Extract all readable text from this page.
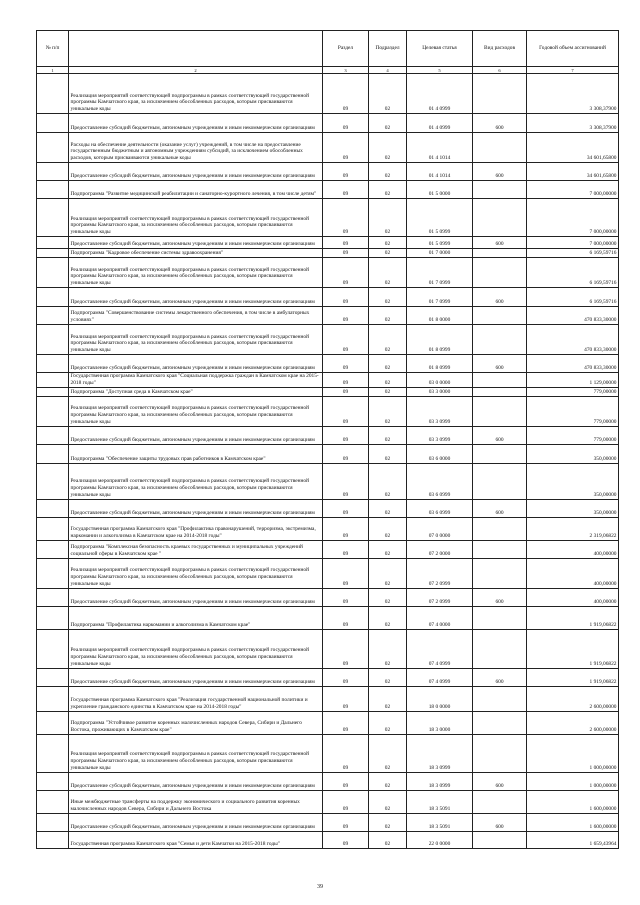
№ п/п		Раздел	Подраздел	Целевая статья	Вид расходов	Годовой объем ассигнований
1	2	3	4	5	6	7
	Реализация мероприятий соответствующей подпрограммы в рамках соответствующей государственной программы Камчатского края, за исключением обособленных расходов, которым присваиваются уникальные коды	09	02	01 4 0999		3 308,37900
	Предоставление субсидий бюджетным, автономным учреждениям и иным некоммерческим организациям	09	02	01 4 0999	600	3 308,37900
	Расходы на обеспечение деятельности (оказание услуг) учреждений, в том числе на предоставление государственным бюджетным и автономным учреждениям субсидий, за исключением обособленных расходов, которым присваиваются уникальные коды	09	02	01 4 1014		34 601,65800
	Предоставление субсидий бюджетным, автономным учреждениям и иным некоммерческим организациям	09	02	01 4 1014	600	34 601,65800
	Подпрограмма "Развитие медицинской реабилитации и санаторно-курортного лечения, в том числе детям"	09	02	01 5 0000		7 000,00000
	Реализация мероприятий соответствующей подпрограммы в рамках соответствующей государственной программы Камчатского края, за исключением обособленных расходов, которым присваиваются уникальные коды	09	02	01 5 0999		7 000,00000
	Предоставление субсидий бюджетным, автономным учреждениям и иным некоммерческим организациям	09	02	01 5 0999	600	7 000,00000
	Подпрограмма "Кадровое обеспечение системы здравоохранения"	09	02	01 7 0000		6 169,59716
	Реализация мероприятий соответствующей подпрограммы в рамках соответствующей государственной программы Камчатского края, за исключением обособленных расходов, которым присваиваются уникальные коды	09	02	01 7 0999		6 169,59716
	Предоставление субсидий бюджетным, автономным учреждениям и иным некоммерческим организациям	09	02	01 7 0999	600	6 169,59716
	Подпрограмма "Совершенствование системы лекарственного обеспечения, в том числе в амбулаторных условиях"	09	02	01 8 0000		470 833,30000
	Реализация мероприятий соответствующей подпрограммы в рамках соответствующей государственной программы Камчатского края, за исключением обособленных расходов, которым присваиваются уникальные коды	09	02	01 8 0999		470 833,30000
	Предоставление субсидий бюджетным, автономным учреждениям и иным некоммерческим организациям	09	02	01 8 0999	600	470 833,30000
	Государственная программа Камчатского края "Социальная поддержка граждан в Камчатском крае на 2015-2018 годы"	09	02	03 0 0000		1 129,00000
	Подпрограмма "Доступная среда в Камчатском крае"	09	02	03 3 0000		779,00000
	Реализация мероприятий соответствующей подпрограммы в рамках соответствующей государственной программы Камчатского края, за исключением обособленных расходов, которым присваиваются уникальные коды	09	02	03 3 0999		779,00000
	Предоставление субсидий бюджетным, автономным учреждениям и иным некоммерческим организациям	09	02	03 3 0999	600	779,00000
	Подпрограмма "Обеспечение защиты трудовых прав работников в Камчатском крае"	09	02	03 6 0000		350,00000
	Реализация мероприятий соответствующей подпрограммы в рамках соответствующей государственной программы Камчатского края, за исключением обособленных расходов, которым присваиваются уникальные коды	09	02	03 6 0999		350,00000
	Предоставление субсидий бюджетным, автономным учреждениям и иным некоммерческим организациям	09	02	03 6 0999	600	350,00000
	Государственная программа Камчатского края "Профилактика правонарушений, терроризма, экстремизма, наркомании и алкоголизма в Камчатском крае на 2014-2018 годы"	09	02	07 0 0000		2 319,06822
	Подпрограмма "Комплексная безопасность краевых государственных и муниципальных учреждений социальной сферы в Камчатском крае "	09	02	07 2 0000		400,00000
	Реализация мероприятий соответствующей подпрограммы в рамках соответствующей государственной программы Камчатского края, за исключением обособленных расходов, которым присваиваются уникальные коды	09	02	07 2 0999		400,00000
	Предоставление субсидий бюджетным, автономным учреждениям и иным некоммерческим организациям	09	02	07 2 0999	600	400,00000
	Подпрограмма "Профилактика наркомании и алкоголизма в Камчатском крае"	09	02	07 4 0000		1 919,06822
	Реализация мероприятий соответствующей подпрограммы в рамках соответствующей государственной программы Камчатского края, за исключением обособленных расходов, которым присваиваются уникальные коды	09	02	07 4 0999		1 919,06822
	Предоставление субсидий бюджетным, автономным учреждениям и иным некоммерческим организациям	09	02	07 4 0999	600	1 919,06822
	Государственная программа Камчатского края "Реализация государственной национальной политики и укрепление гражданского единства в Камчатском крае на 2014-2018 годы"	09	02	18 0 0000		2 600,00000
	Подпрограмма "Устойчивое развитие коренных малочисленных народов Севера, Сибири и Дальнего Востока, проживающих в Камчатском крае"	09	02	18 3 0000		2 600,00000
	Реализация мероприятий соответствующей подпрограммы в рамках соответствующей государственной программы Камчатского края, за исключением обособленных расходов, которым присваиваются уникальные коды	09	02	18 3 0999		1 000,00000
	Предоставление субсидий бюджетным, автономным учреждениям и иным некоммерческим организациям	09	02	18 3 0999	600	1 000,00000
	Иные межбюджетные трансферты на поддержку экономического и социального развития коренных малочисленных народов Севера, Сибири и Дальнего Востока	09	02	18 3 5091		1 600,00000
	Предоставление субсидий бюджетным, автономным учреждениям и иным некоммерческим организациям	09	02	18 3 5091	600	1 600,00000
	Государственная программа Камчатского края "Семья и дети Камчатки на 2015-2018 годы"	09	02	22 0 0000		1 659,43964
39
